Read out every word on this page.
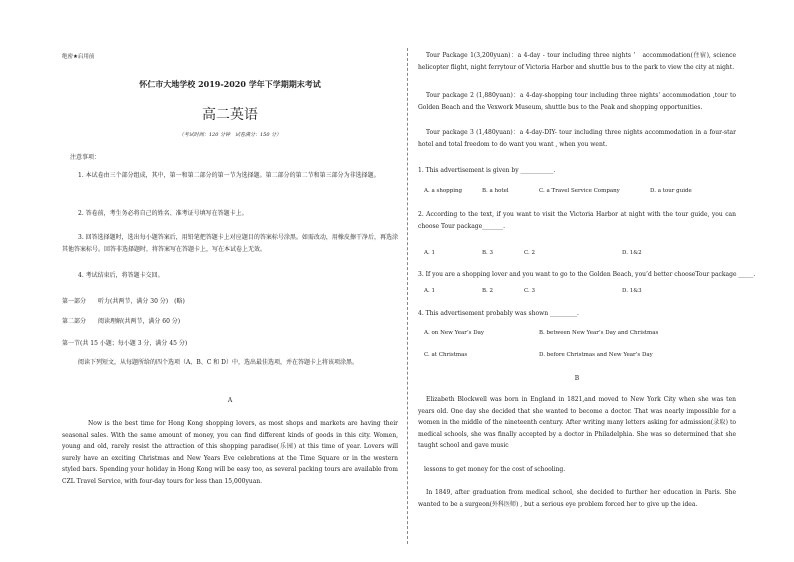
绝密★启用前
怀仁市大地学校 2019-2020 学年下学期期末考试
高二英语
（考试时间：120 分钟　试卷满分：150 分）
注意事项：
1. 本试卷由三个部分组成，其中，第一和第二部分的第一节为选择题。第二部分的第二节和第三部分为非选择题。
2. 答卷前，考生务必将自己的姓名、准考证号填写在答题卡上。
3. 回答选择题时，选出每小题答案后，用铅笔把答题卡上对应题目的答案标号涂黑。如需改动，用橡皮擦干净后，再选涂其他答案标号。回答非选择题时，将答案写在答题卡上，写在本试卷上无效。
4. 考试结束后，将答题卡交回。
第一部分　　听力(共两节，满分 30 分)　(略)
第二部分　　阅读理解(共两节，满分 60 分)
第一节(共 15 小题；每小题 3 分，满分 45 分)
阅读下列短文，从每题所给的四个选项（A、B、C 和 D）中，选出最佳选项，并在答题卡上将该项涂黑。
A
Now is the best time for Hong Kong shopping lovers, as most shops and markets are having their seasonal sales. With the same amount of money, you can find different kinds of goods in this city. Women, young and old, rarely resist the attraction of this shopping paradise(乐园) at this time of year. Lovers will surely have an exciting Christmas and New Years Eve celebrations at the Time Square or in the western styled bars. Spending your holiday in Hong Kong will be easy too, as several packing tours are available from CZL Travel Service, with four-day tours for less than 15,000yuan.
Tour Package 1(3,200yuan)：a 4-day - tour including three nights ’　accommodation(住宿), science helicopter flight, night ferrytour of Victoria Harbor and shuttle bus to the park to view the city at night.
Tour package 2 (1,880yuan)：a 4-day-shopping tour including three nights' accommodation ,tour to Golden Beach and the Vexwork Museum, shuttle bus to the Peak and shopping opportunities.
Tour package 3 (1,480yuan)：a 4-day-DIY- tour including three nights accommodation in a four-star hotel and total freedom to do want you want , when you went.
1. This advertisement is given by ___________.
A. a shopping	B. a hotel	C. a Travel Service Company	D. a tour guide
2. According to the text, if you want to visit the Victoria Harbor at night with the tour guide, you can choose Tour package_______.
A. 1	B. 3	C. 2	D. 1&2
3. If you are a shopping lover and you want to go to the Golden Beach, you’d better chooseTour package _____.
A. 1	B. 2	C. 3	D. 1&3
4. This advertisement probably was shown _________.
A. on New Year’s Day	B. between New Year’s Day and Christmas
C. at Christmas	D. before Christmas and New Year’s Day
B
Elizabeth Blockwell was born in England in 1821,and moved to New York City when she was ten years old. One day she decided that she wanted to become a doctor. That was nearly impossible for a women in the middle of the nineteenth century. After writing many letters asking for admission(录取) to medical schools, she was finally accepted by a doctor in Philadelphia. She was so determined that she taught school and gave music
lessons to get money for the cost of schooling.
In 1849, after graduation from medical school, she decided to further her education in Paris. She wanted to be a surgeon(外科医师) , but a serious eye problem forced her to give up the idea.
